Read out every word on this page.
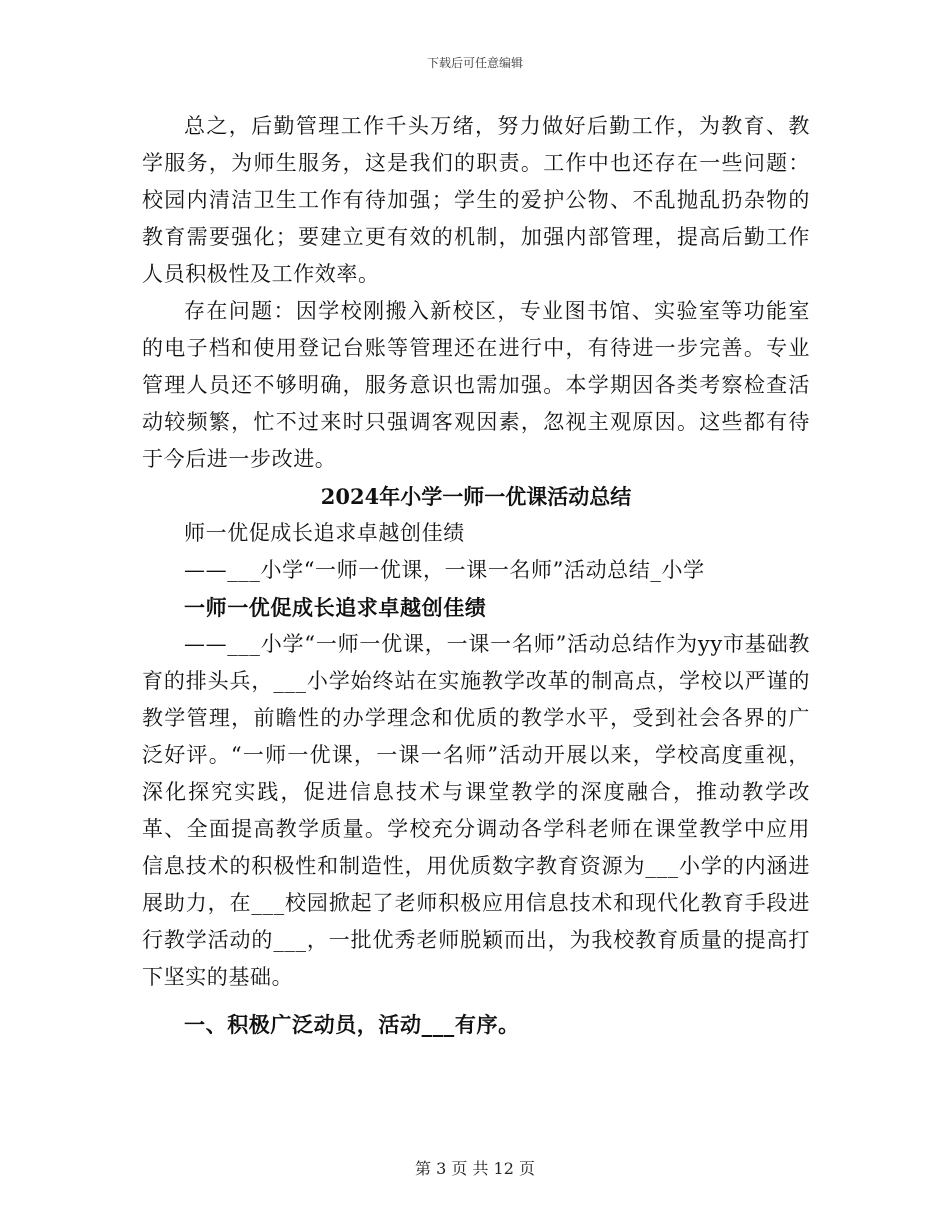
下载后可任意编辑

总之，后勤管理工作千头万绪，努力做好后勤工作，为教育、教学服务，为师生服务，这是我们的职责。工作中也还存在一些问题：校园内清洁卫生工作有待加强；学生的爱护公物、不乱抛乱扔杂物的教育需要强化；要建立更有效的机制，加强内部管理，提高后勤工作人员积极性及工作效率。

存在问题：因学校刚搬入新校区，专业图书馆、实验室等功能室的电子档和使用登记台账等管理还在进行中，有待进一步完善。专业管理人员还不够明确，服务意识也需加强。本学期因各类考察检查活动较频繁，忙不过来时只强调客观因素，忽视主观原因。这些都有待于今后进一步改进。

2024年小学一师一优课活动总结

师一优促成长追求卓越创佳绩

——___小学“一师一优课，一课一名师”活动总结_小学

一师一优促成长追求卓越创佳绩

——___小学“一师一优课，一课一名师”活动总结作为yy市基础教育的排头兵，___小学始终站在实施教学改革的制高点，学校以严谨的教学管理，前瞻性的办学理念和优质的教学水平，受到社会各界的广泛好评。“一师一优课，一课一名师”活动开展以来，学校高度重视，深化探究实践，促进信息技术与课堂教学的深度融合，推动教学改革、全面提高教学质量。学校充分调动各学科老师在课堂教学中应用信息技术的积极性和制造性，用优质数字教育资源为___小学的内涵进展助力，在___校园掀起了老师积极应用信息技术和现代化教育手段进行教学活动的___，一批优秀老师脱颖而出，为我校教育质量的提高打下坚实的基础。

一、积极广泛动员，活动___有序。

第 3 页 共 12 页
